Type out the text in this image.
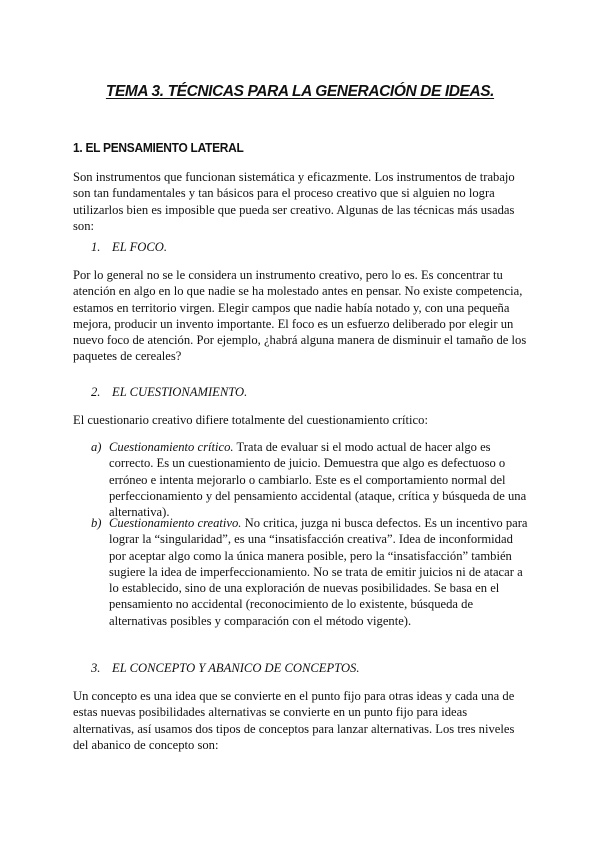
TEMA 3. TÉCNICAS PARA LA GENERACIÓN DE IDEAS.
1. EL PENSAMIENTO LATERAL

Son instrumentos que funcionan sistemática y eficazmente. Los instrumentos de trabajo son tan fundamentales y tan básicos para el proceso creativo que si alguien no logra utilizarlos bien es imposible que pueda ser creativo. Algunas de las técnicas más usadas son:

1. EL FOCO.

Por lo general no se le considera un instrumento creativo, pero lo es. Es concentrar tu atención en algo en lo que nadie se ha molestado antes en pensar. No existe competencia, estamos en territorio virgen. Elegir campos que nadie había notado y, con una pequeña mejora, producir un invento importante. El foco es un esfuerzo deliberado por elegir un nuevo foco de atención. Por ejemplo, ¿habrá alguna manera de disminuir el tamaño de los paquetes de cereales?

2. EL CUESTIONAMIENTO.

El cuestionario creativo difiere totalmente del cuestionamiento crítico:

a) Cuestionamiento crítico. Trata de evaluar si el modo actual de hacer algo es correcto. Es un cuestionamiento de juicio. Demuestra que algo es defectuoso o erróneo e intenta mejorarlo o cambiarlo. Este es el comportamiento normal del perfeccionamiento y del pensamiento accidental (ataque, crítica y búsqueda de una alternativa).
b) Cuestionamiento creativo. No critica, juzga ni busca defectos. Es un incentivo para lograr la “singularidad”, es una “insatisfacción creativa”. Idea de inconformidad por aceptar algo como la única manera posible, pero la “insatisfacción” también sugiere la idea de imperfeccionamiento. No se trata de emitir juicios ni de atacar a lo establecido, sino de una exploración de nuevas posibilidades. Se basa en el pensamiento no accidental (reconocimiento de lo existente, búsqueda de alternativas posibles y comparación con el método vigente).
3. EL CONCEPTO Y ABANICO DE CONCEPTOS.

Un concepto es una idea que se convierte en el punto fijo para otras ideas y cada una de estas nuevas posibilidades alternativas se convierte en un punto fijo para ideas alternativas, así usamos dos tipos de conceptos para lanzar alternativas. Los tres niveles del abanico de concepto son:
